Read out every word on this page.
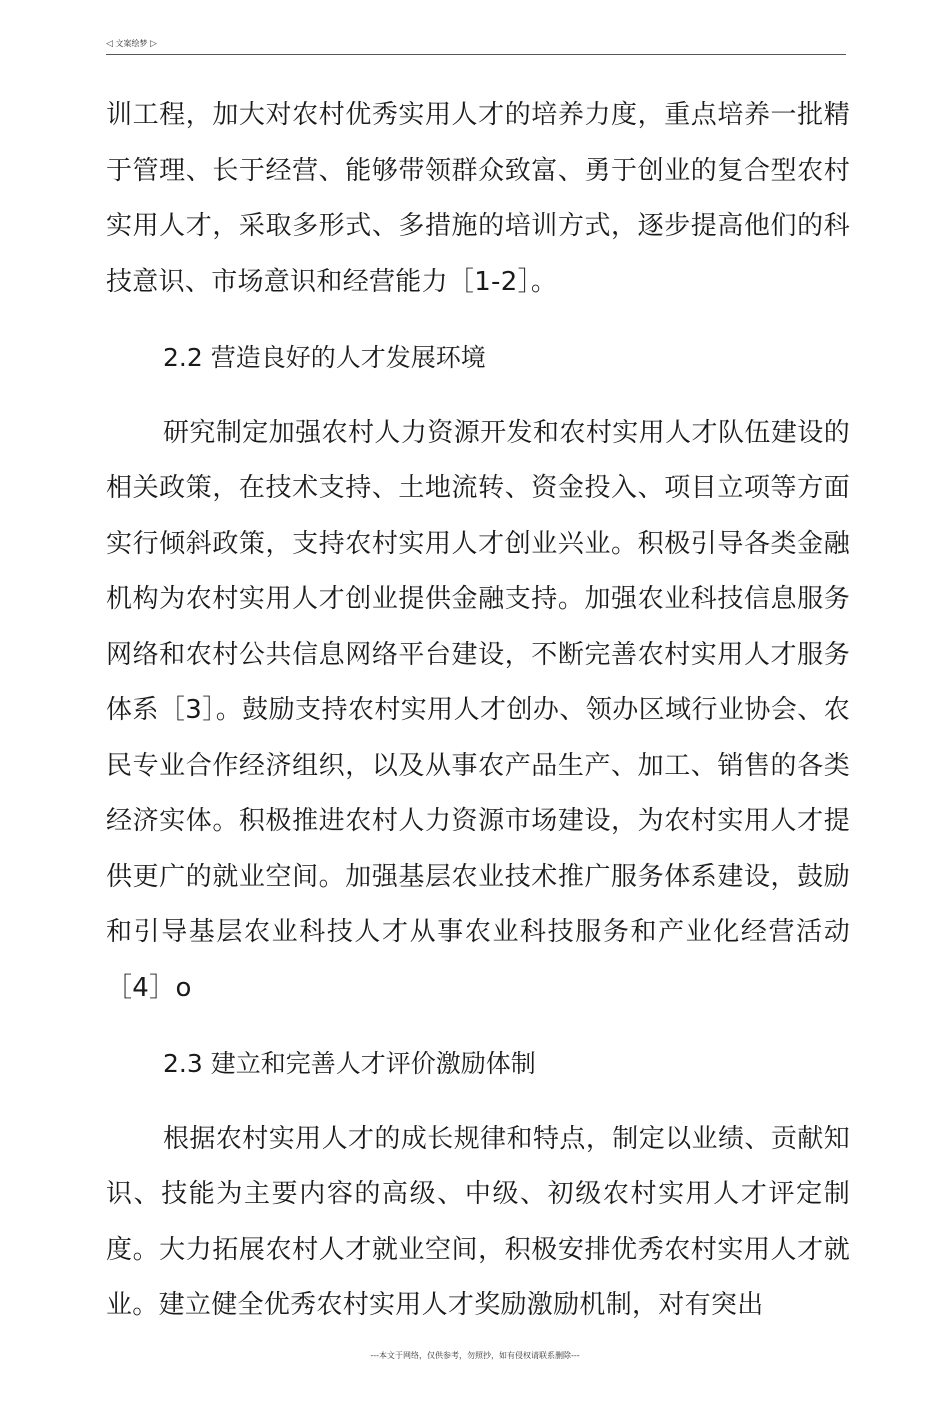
◁ 文案绘梦 ▷

训工程，加大对农村优秀实用人才的培养力度，重点培养一批精于管理、长于经营、能够带领群众致富、勇于创业的复合型农村实用人才，采取多形式、多措施的培训方式，逐步提高他们的科技意识、市场意识和经营能力［1-2］。

2.2 营造良好的人才发展环境

研究制定加强农村人力资源开发和农村实用人才队伍建设的相关政策，在技术支持、土地流转、资金投入、项目立项等方面实行倾斜政策，支持农村实用人才创业兴业。积极引导各类金融机构为农村实用人才创业提供金融支持。加强农业科技信息服务网络和农村公共信息网络平台建设，不断完善农村实用人才服务体系［3］。鼓励支持农村实用人才创办、领办区域行业协会、农民专业合作经济组织，以及从事农产品生产、加工、销售的各类经济实体。积极推进农村人力资源市场建设，为农村实用人才提供更广的就业空间。加强基层农业技术推广服务体系建设，鼓励和引导基层农业科技人才从事农业科技服务和产业化经营活动［4］o

2.3 建立和完善人才评价激励体制

根据农村实用人才的成长规律和特点，制定以业绩、贡献知识、技能为主要内容的高级、中级、初级农村实用人才评定制度。大力拓展农村人才就业空间，积极安排优秀农村实用人才就业。建立健全优秀农村实用人才奖励激励机制，对有突出

---本文于网络，仅供参考，勿照抄，如有侵权请联系删除---
